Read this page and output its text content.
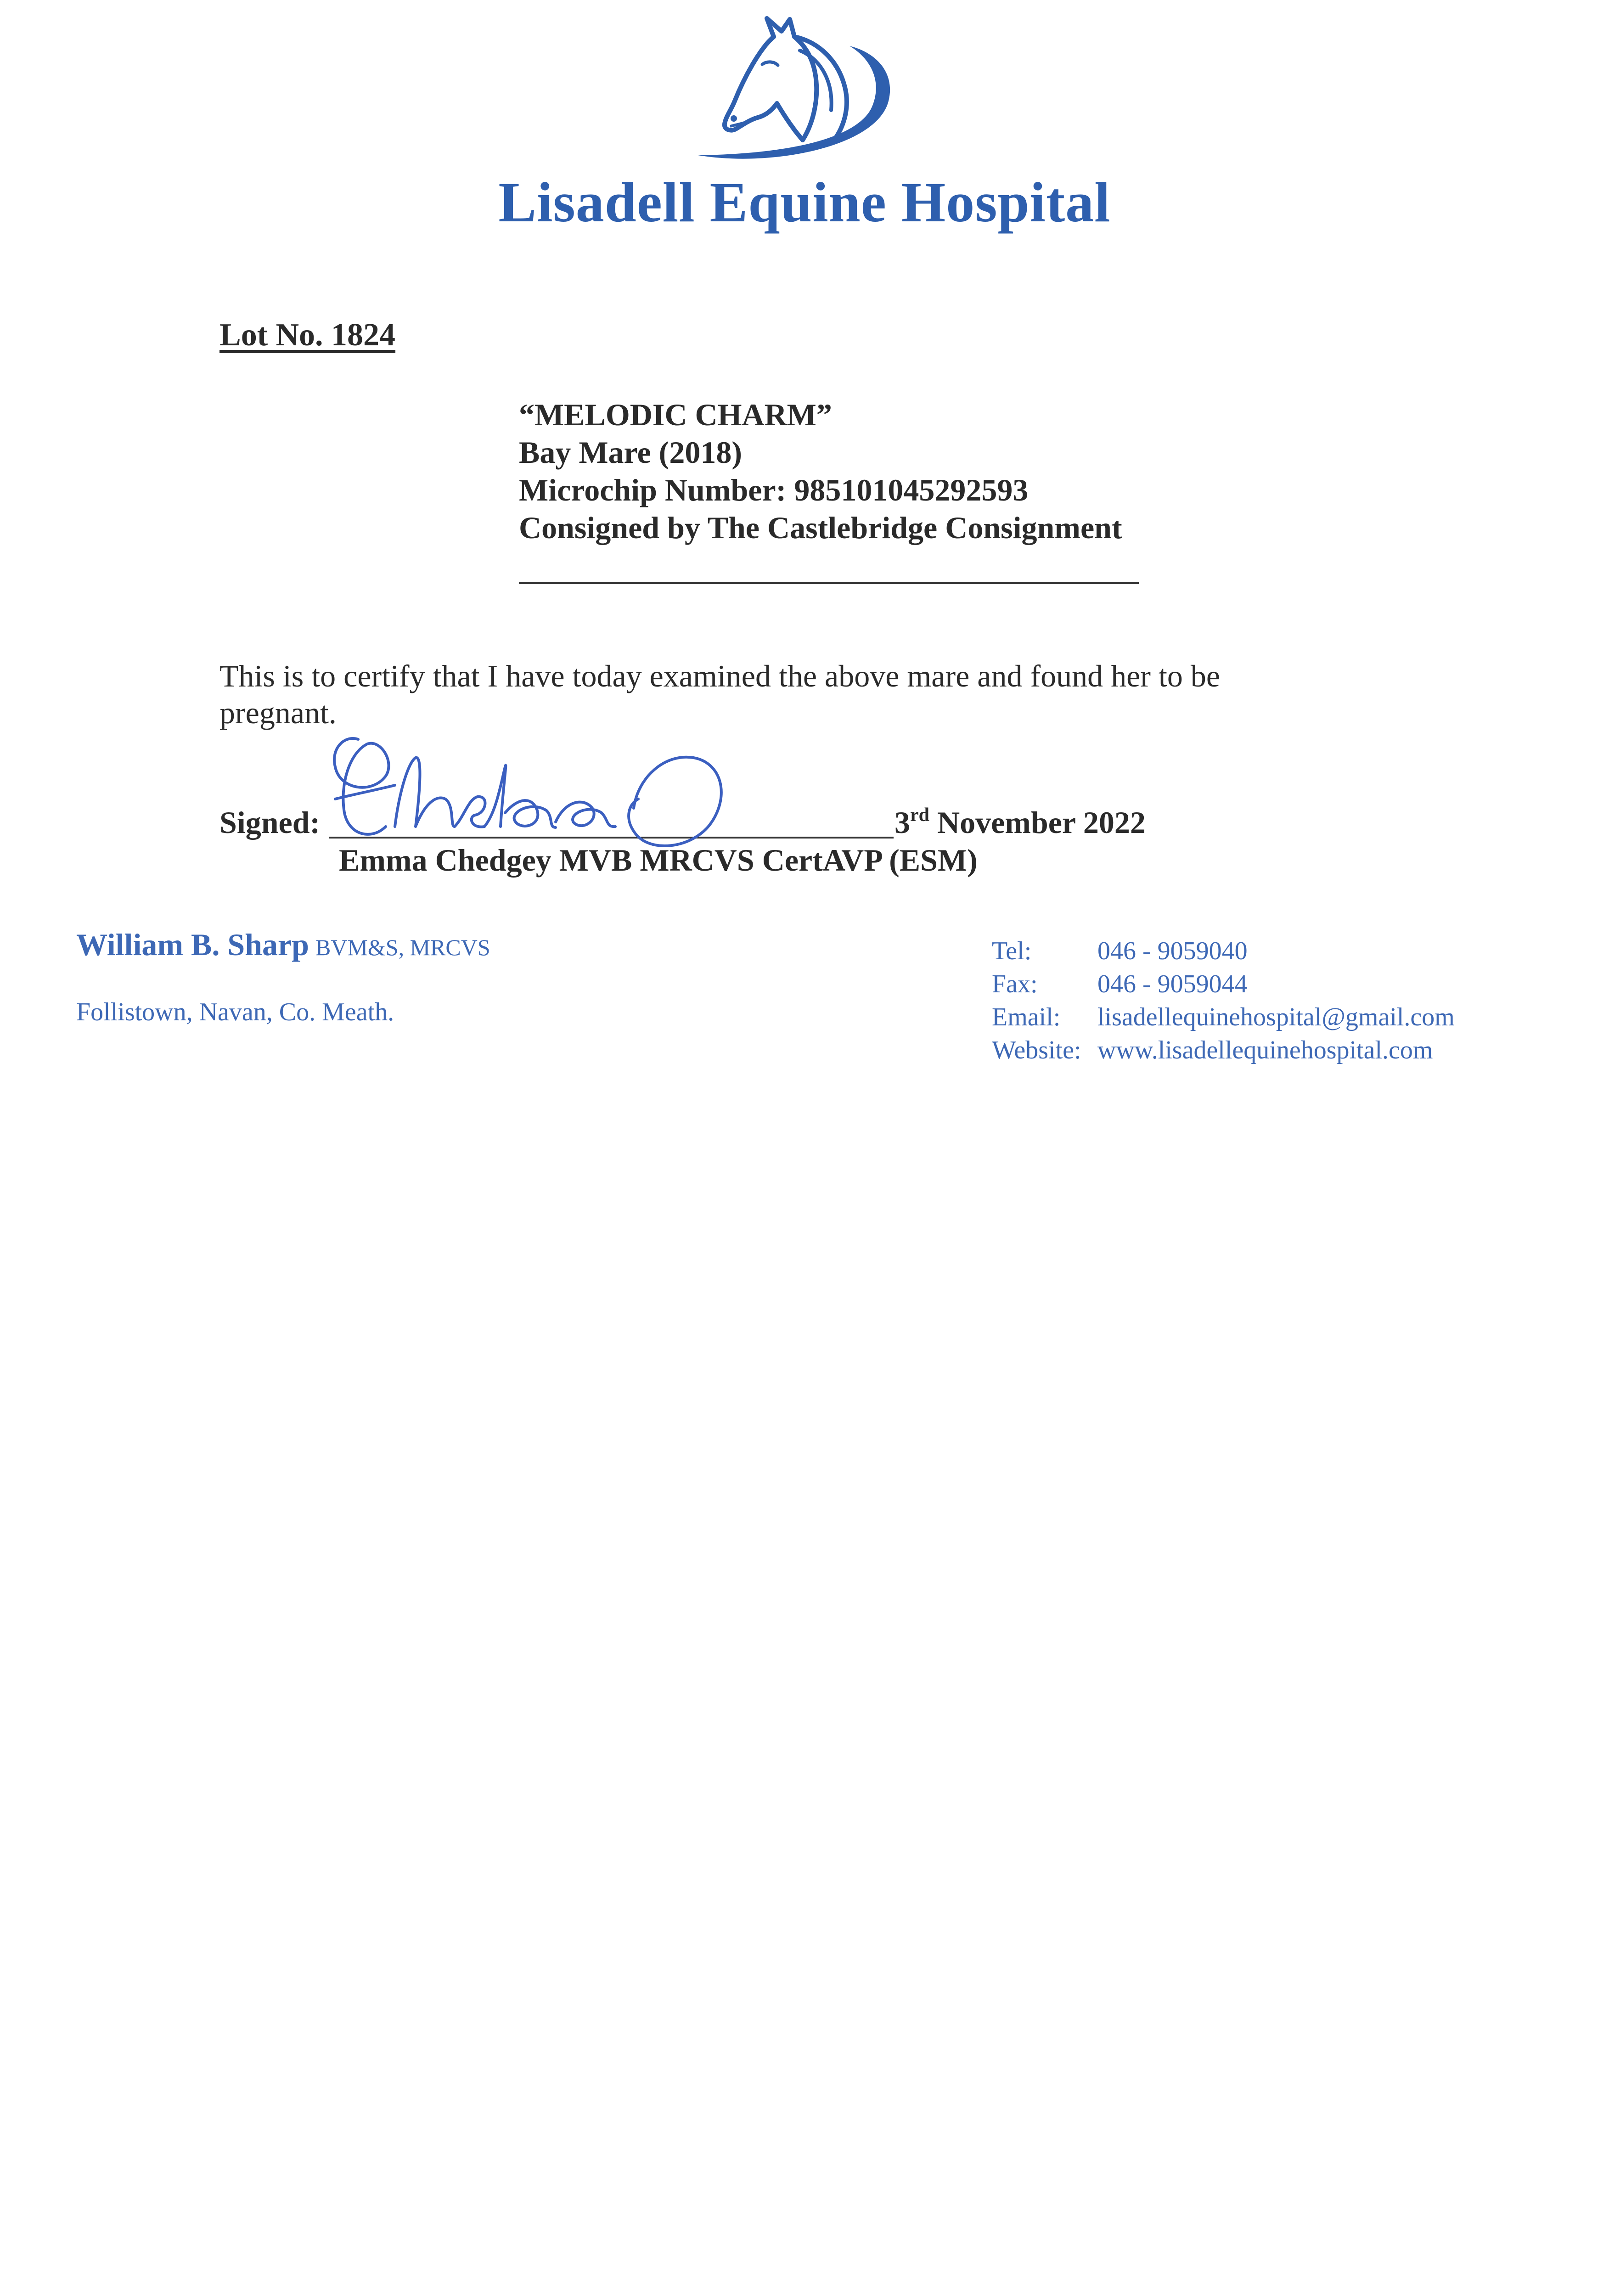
Lisadell Equine Hospital
Lot No. 1824
“MELODIC CHARM”
Bay Mare (2018)
Microchip Number: 985101045292593
Consigned by The Castlebridge Consignment
This is to certify that I have today examined the above mare and found her to be pregnant.
Signed:	3rd November 2022
Emma Chedgey MVB MRCVS CertAVP (ESM)
William B. Sharp BVM&S, MRCVS
Follistown, Navan, Co. Meath.
Tel:	046 - 9059040
Fax:	046 - 9059044
Email:	lisadellequinehospital@gmail.com
Website: www.lisadellequinehospital.com
